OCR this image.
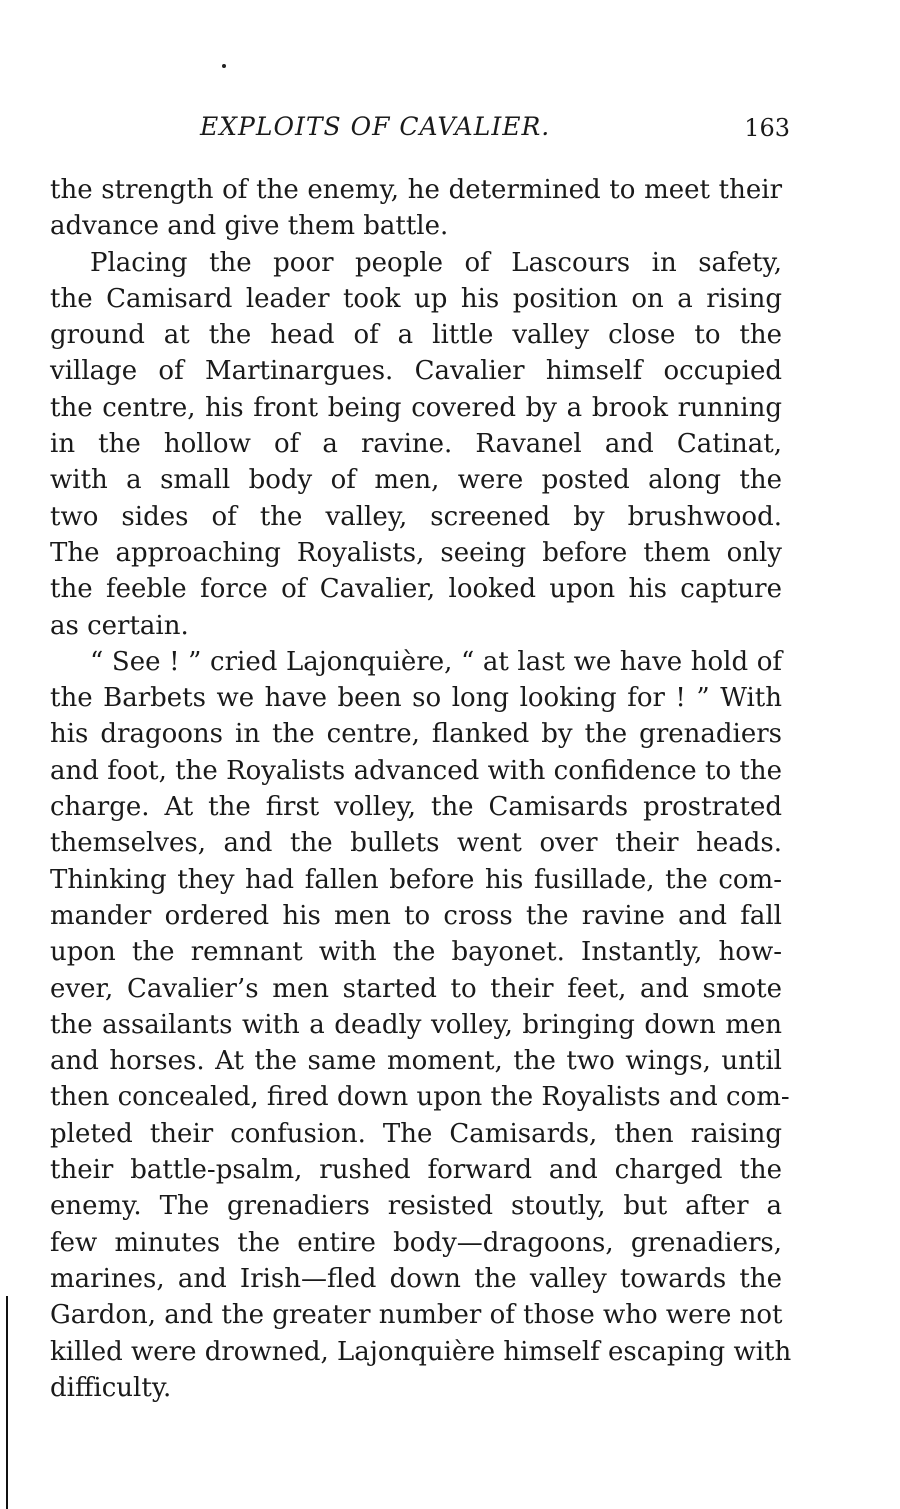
EXPLOITS OF CAVALIER.	163
the strength of the enemy, he determined to meet their
advance and give them battle.
Placing the poor people of Lascours in safety,
the Camisard leader took up his position on a rising
ground at the head of a little valley close to the
village of Martinargues. Cavalier himself occupied
the centre, his front being covered by a brook running
in the hollow of a ravine. Ravanel and Catinat,
with a small body of men, were posted along the
two sides of the valley, screened by brushwood.
The approaching Royalists, seeing before them only
the feeble force of Cavalier, looked upon his capture
as certain.
“ See ! ” cried Lajonquière, “ at last we have hold of
the Barbets we have been so long looking for ! ” With
his dragoons in the centre, flanked by the grenadiers
and foot, the Royalists advanced with confidence to the
charge. At the first volley, the Camisards prostrated
themselves, and the bullets went over their heads.
Thinking they had fallen before his fusillade, the com-
mander ordered his men to cross the ravine and fall
upon the remnant with the bayonet. Instantly, how-
ever, Cavalier’s men started to their feet, and smote
the assailants with a deadly volley, bringing down men
and horses. At the same moment, the two wings, until
then concealed, fired down upon the Royalists and com-
pleted their confusion. The Camisards, then raising
their battle-psalm, rushed forward and charged the
enemy. The grenadiers resisted stoutly, but after a
few minutes the entire body—dragoons, grenadiers,
marines, and Irish—fled down the valley towards the
Gardon, and the greater number of those who were not
killed were drowned, Lajonquière himself escaping with
difficulty.
